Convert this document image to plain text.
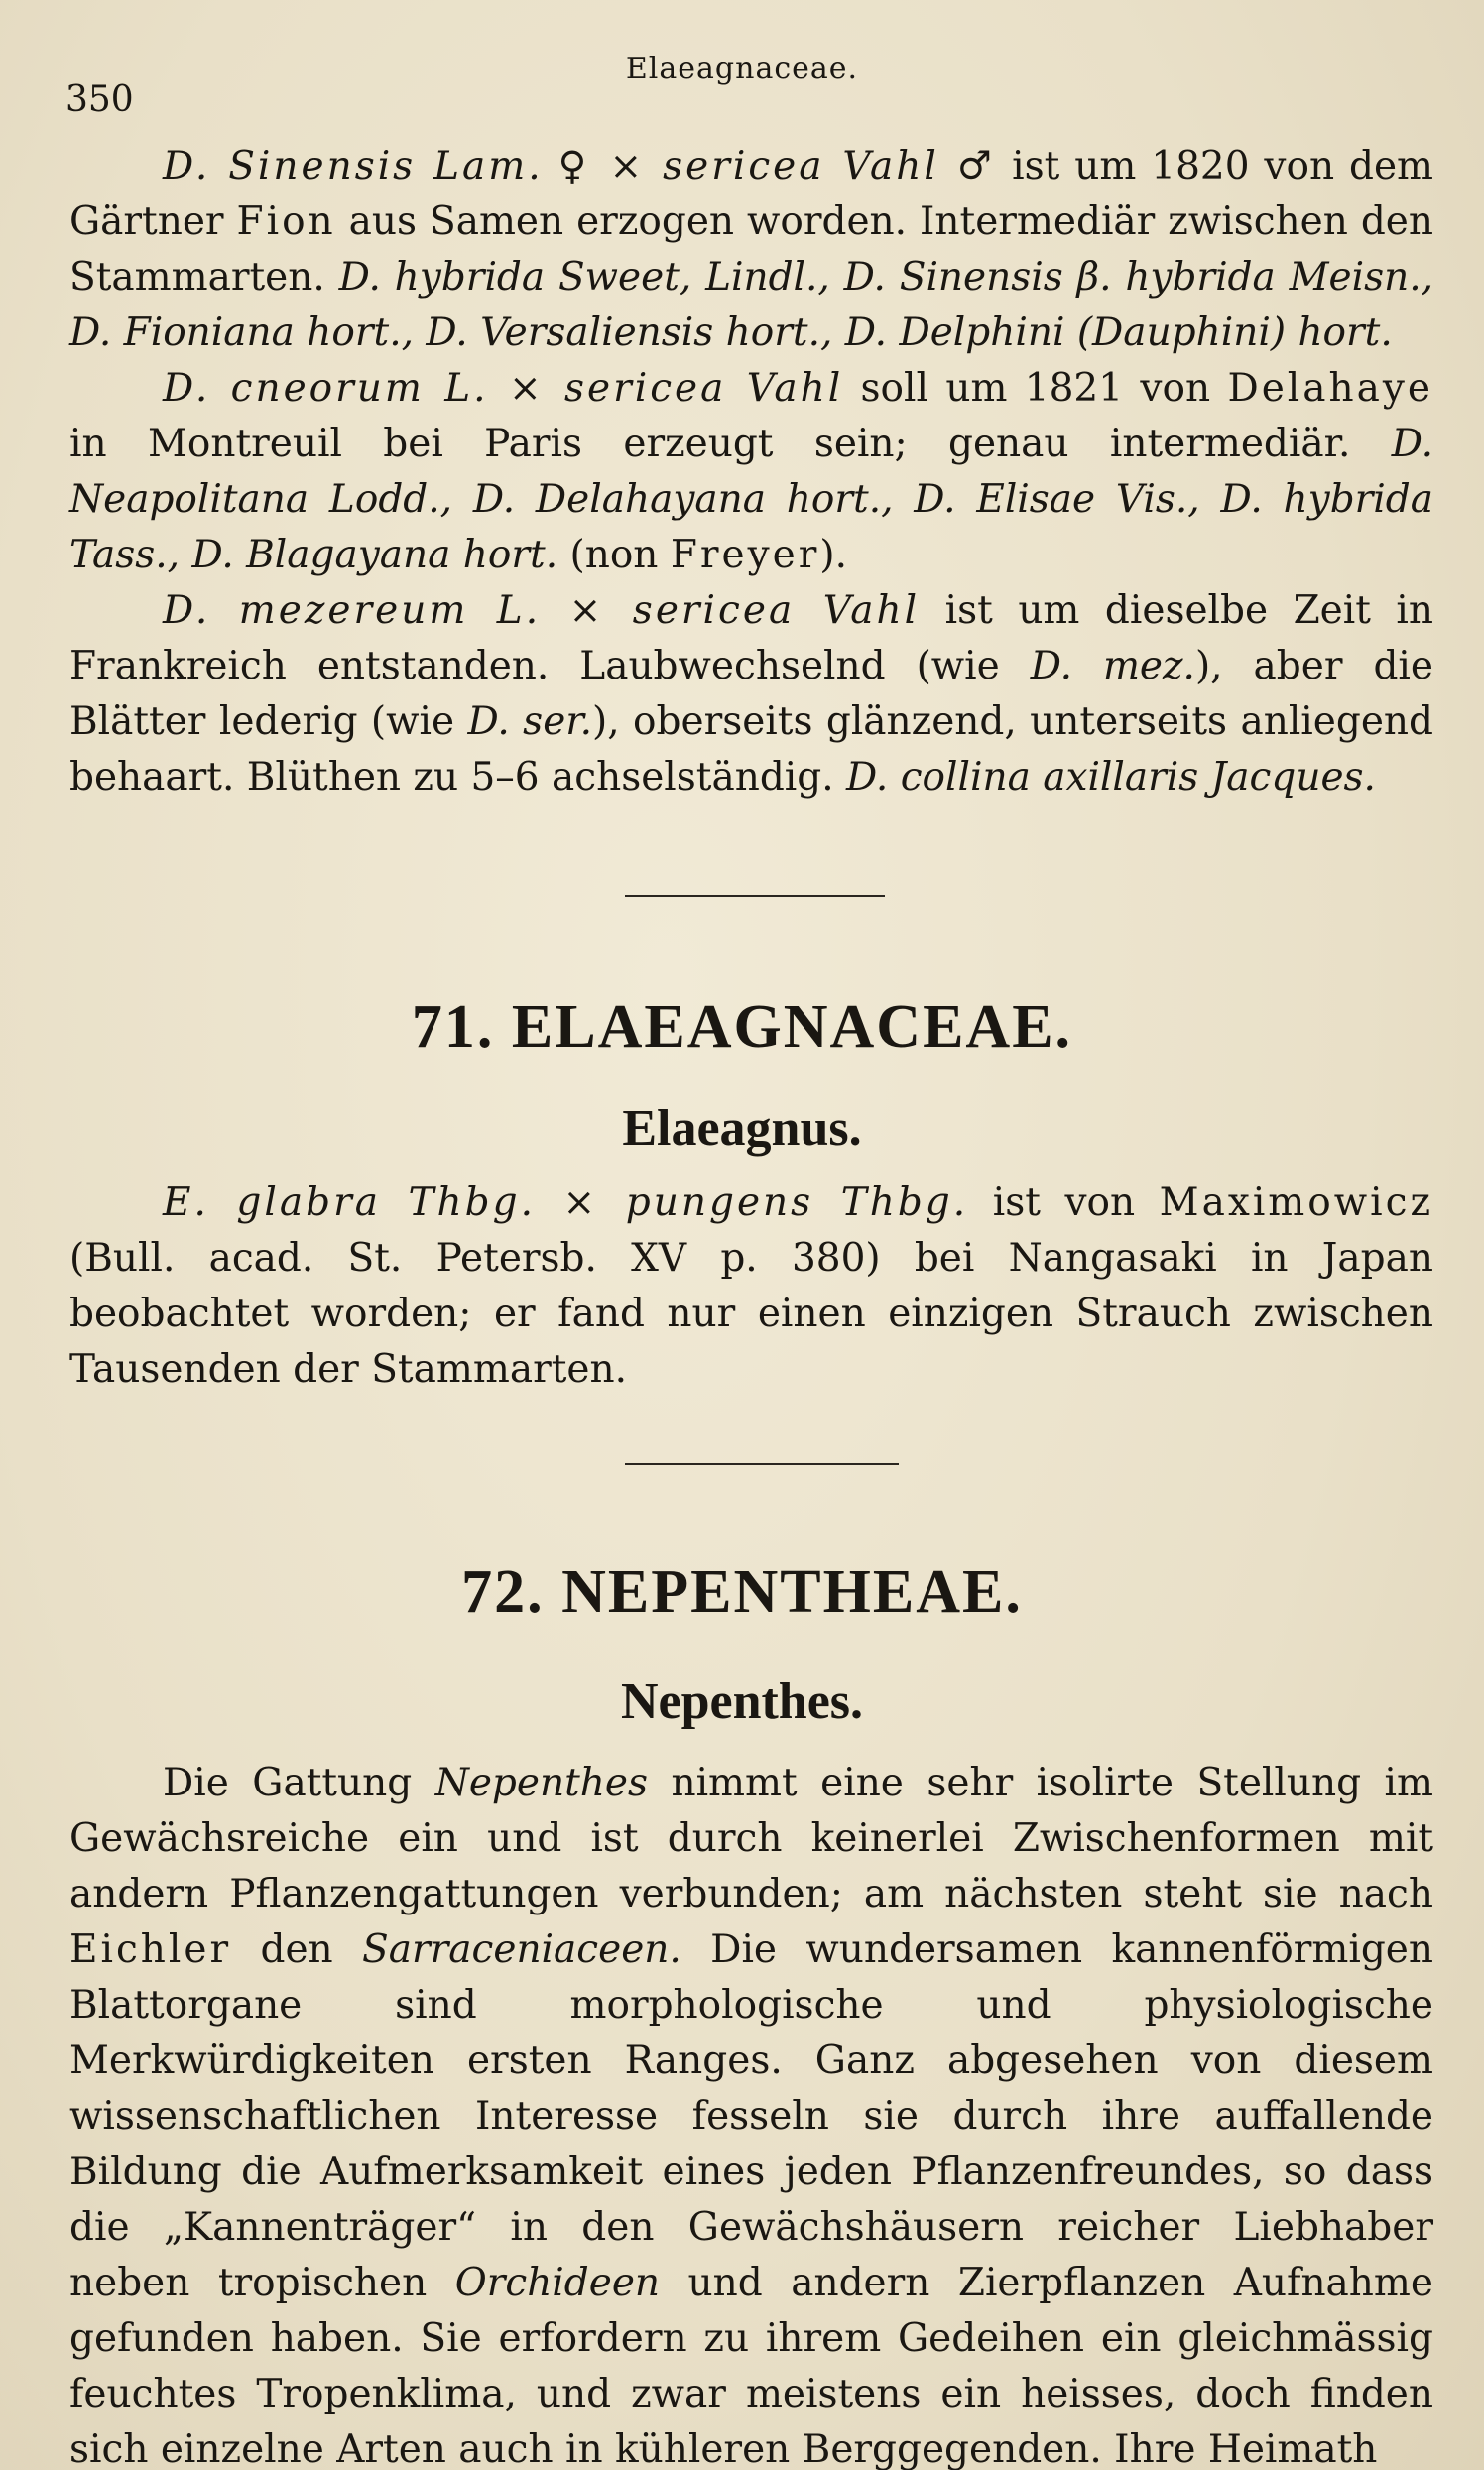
350
Elaeagnaceae.

D. Sinensis Lam. ♀ ⨯ sericea Vahl ♂ ist um 1820 von dem Gärtner Fion aus Samen erzogen worden. Intermediär zwischen den Stammarten. D. hybrida Sweet, Lindl., D. Sinensis β. hybrida Meisn., D. Fioniana hort., D. Versaliensis hort., D. Delphini (Dauphini) hort.

D. cneorum L. ⨯ sericea Vahl soll um 1821 von Delahaye in Montreuil bei Paris erzeugt sein; genau intermediär. D. Neapolitana Lodd., D. Delahayana hort., D. Elisae Vis., D. hybrida Tass., D. Blagayana hort. (non Freyer).

D. mezereum L. ⨯ sericea Vahl ist um dieselbe Zeit in Frankreich entstanden. Laubwechselnd (wie D. mez.), aber die Blätter lederig (wie D. ser.), oberseits glänzend, unterseits anliegend behaart. Blüthen zu 5–6 achselständig. D. collina axillaris Jacques.

71. ELAEAGNACEAE.
Elaeagnus.

E. glabra Thbg. ⨯ pungens Thbg. ist von Maximowicz (Bull. acad. St. Petersb. XV p. 380) bei Nangasaki in Japan beobachtet worden; er fand nur einen einzigen Strauch zwischen Tausenden der Stammarten.

72. NEPENTHEAE.
Nepenthes.

Die Gattung Nepenthes nimmt eine sehr isolirte Stellung im Gewächsreiche ein und ist durch keinerlei Zwischenformen mit andern Pflanzengattungen verbunden; am nächsten steht sie nach Eichler den Sarraceniaceen. Die wundersamen kannenförmigen Blattorgane sind morphologische und physiologische Merkwürdigkeiten ersten Ranges. Ganz abgesehen von diesem wissenschaftlichen Interesse fesseln sie durch ihre auffallende Bildung die Aufmerksamkeit eines jeden Pflanzenfreundes, so dass die „Kannenträger“ in den Gewächshäusern reicher Liebhaber neben tropischen Orchideen und andern Zierpflanzen Aufnahme gefunden haben. Sie erfordern zu ihrem Gedeihen ein gleichmässig feuchtes Tropenklima, und zwar meistens ein heisses, doch finden sich einzelne Arten auch in kühleren Berggegenden. Ihre Heimath
